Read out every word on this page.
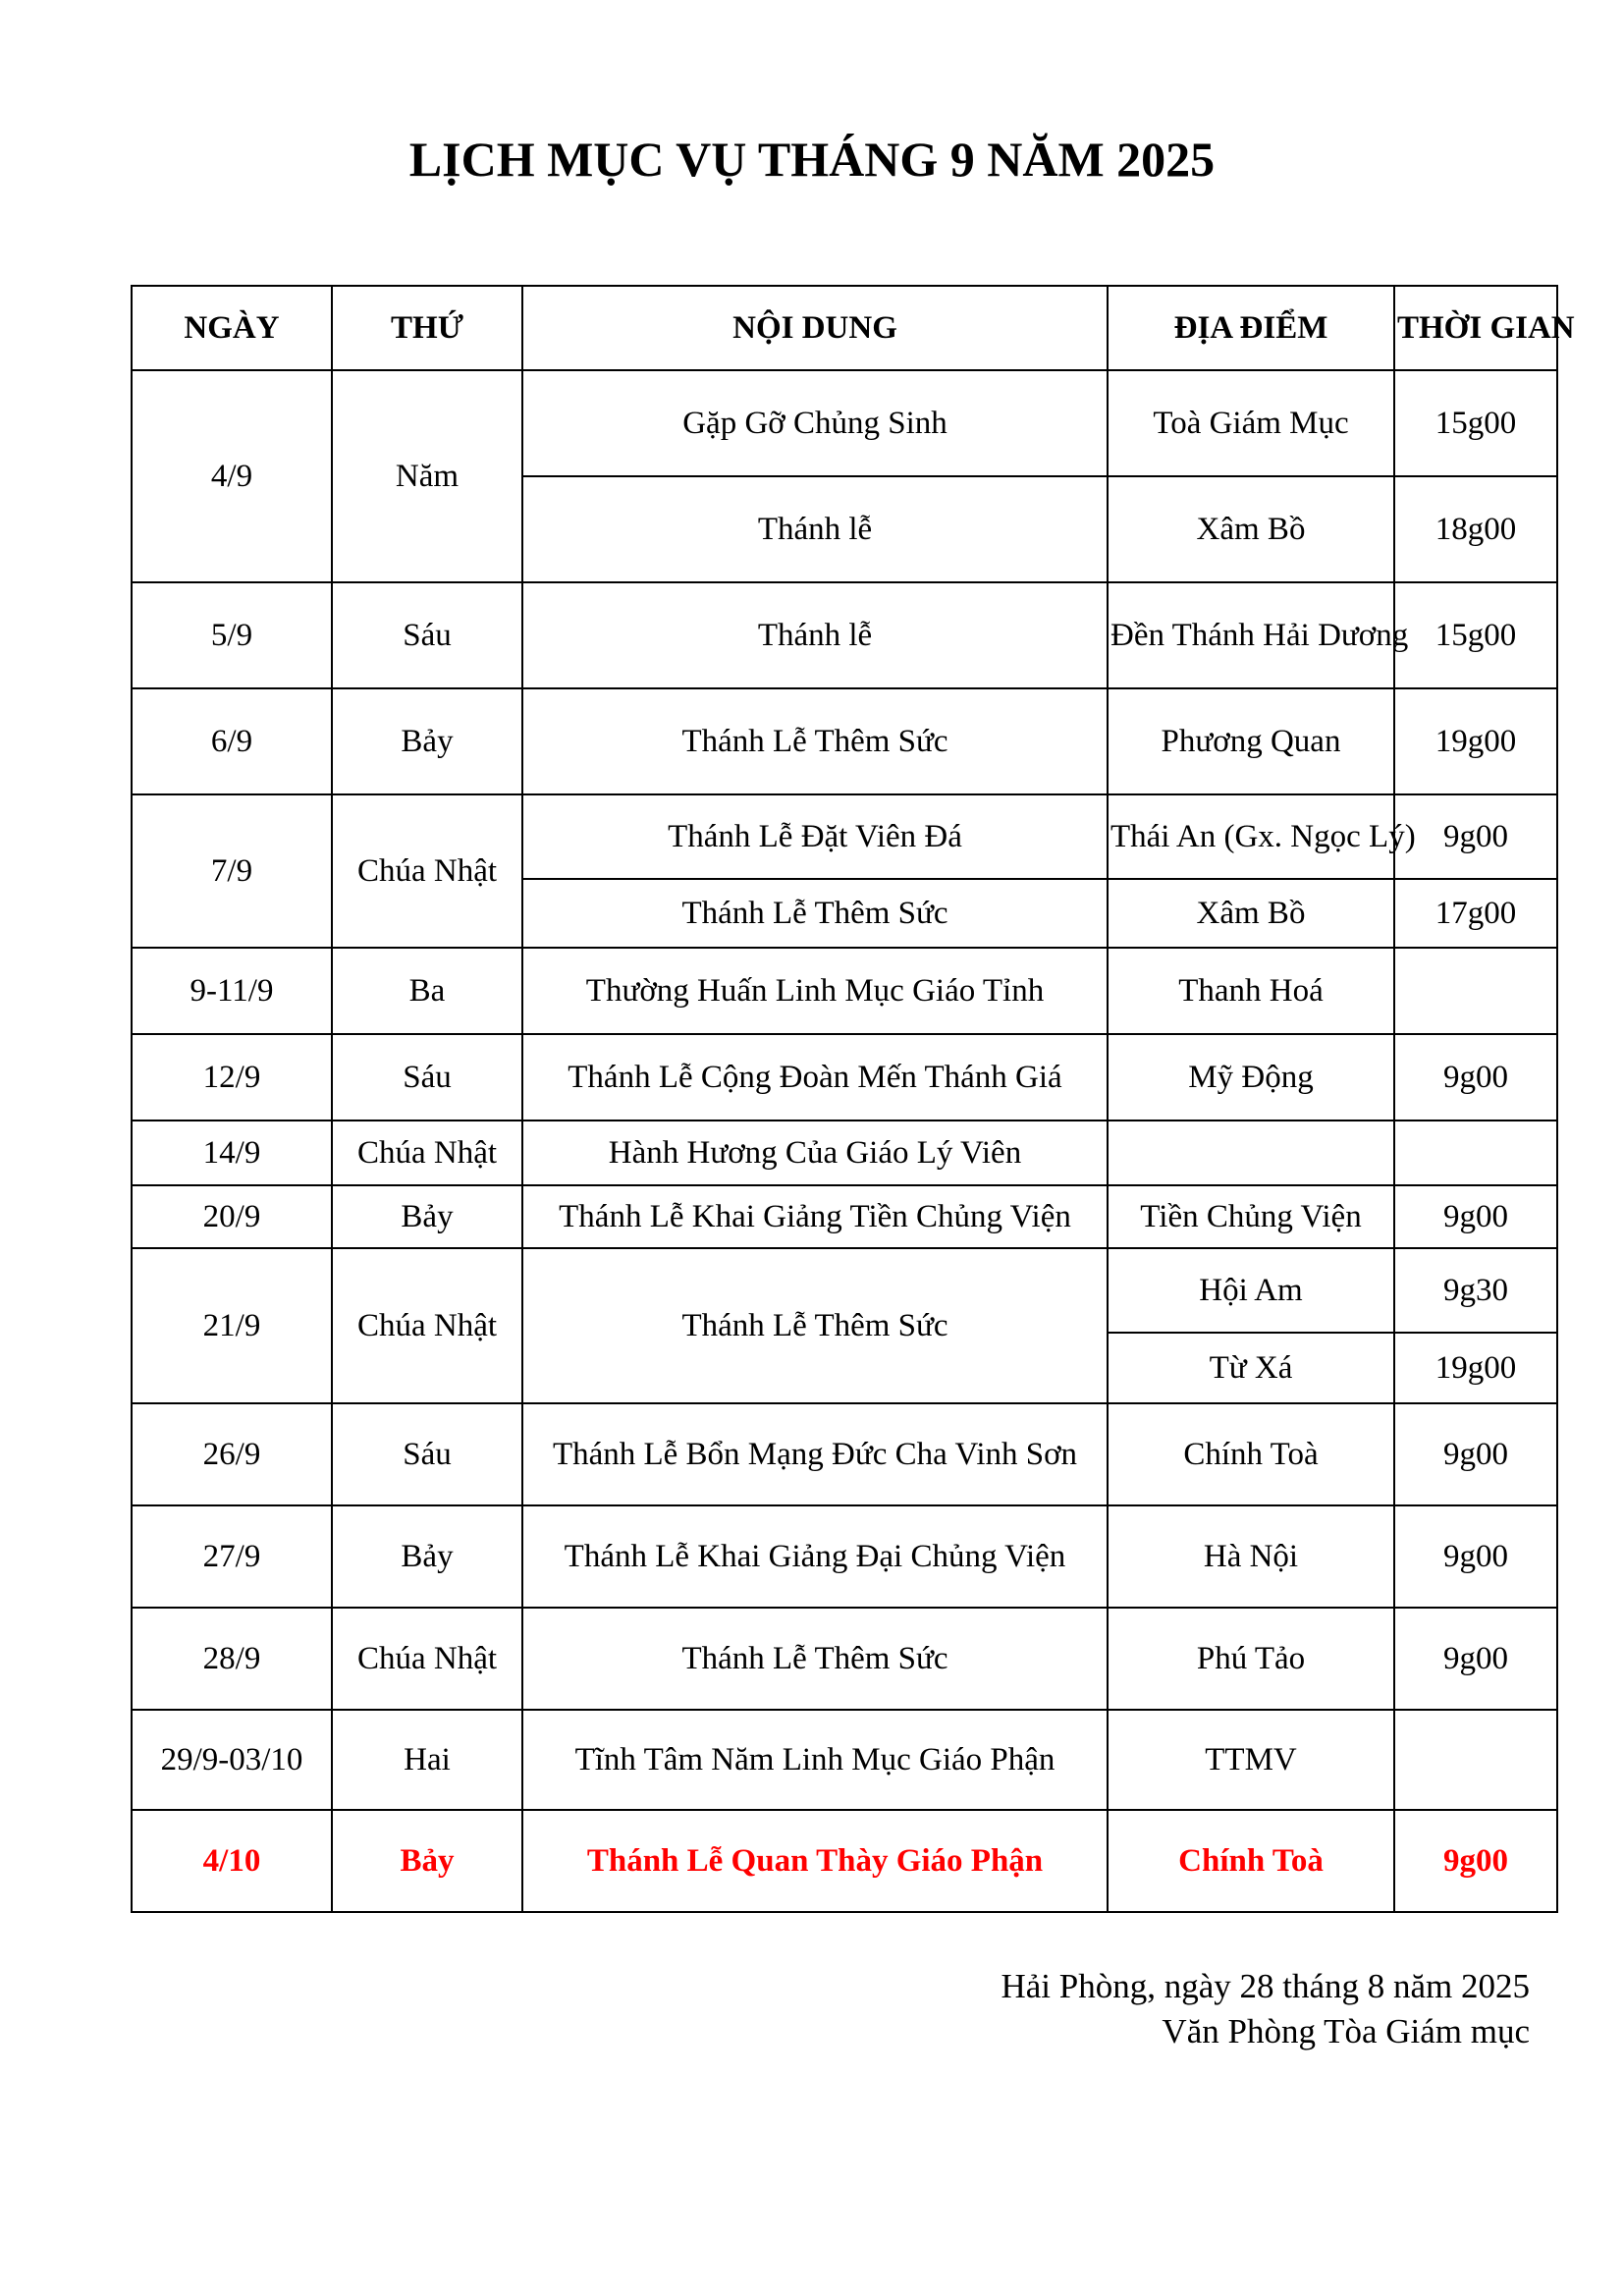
LỊCH MỤC VỤ THÁNG 9 NĂM 2025
NGÀY	THỨ	NỘI DUNG	ĐỊA ĐIỂM	THỜI GIAN
4/9	Năm	Gặp Gỡ Chủng Sinh	Toà Giám Mục	15g00
		Thánh lễ	Xâm Bồ	18g00
5/9	Sáu	Thánh lễ	Đền Thánh Hải Dương	15g00
6/9	Bảy	Thánh Lễ Thêm Sức	Phương Quan	19g00
7/9	Chúa Nhật	Thánh Lễ Đặt Viên Đá	Thái An (Gx. Ngọc Lý)	9g00
		Thánh Lễ Thêm Sức	Xâm Bồ	17g00
9-11/9	Ba	Thường Huấn Linh Mục Giáo Tỉnh	Thanh Hoá	
12/9	Sáu	Thánh Lễ Cộng Đoàn Mến Thánh Giá	Mỹ Động	9g00
14/9	Chúa Nhật	Hành Hương Của Giáo Lý Viên		
20/9	Bảy	Thánh Lễ Khai Giảng Tiền Chủng Viện	Tiền Chủng Viện	9g00
21/9	Chúa Nhật	Thánh Lễ Thêm Sức	Hội Am	9g30
			Từ Xá	19g00
26/9	Sáu	Thánh Lễ Bổn Mạng Đức Cha Vinh Sơn	Chính Toà	9g00
27/9	Bảy	Thánh Lễ Khai Giảng Đại Chủng Viện	Hà Nội	9g00
28/9	Chúa Nhật	Thánh Lễ Thêm Sức	Phú Tảo	9g00
29/9-03/10	Hai	Tĩnh Tâm Năm Linh Mục Giáo Phận	TTMV	
4/10	Bảy	Thánh Lễ Quan Thày Giáo Phận	Chính Toà	9g00
Hải Phòng, ngày 28 tháng 8 năm 2025
Văn Phòng Tòa Giám mục
